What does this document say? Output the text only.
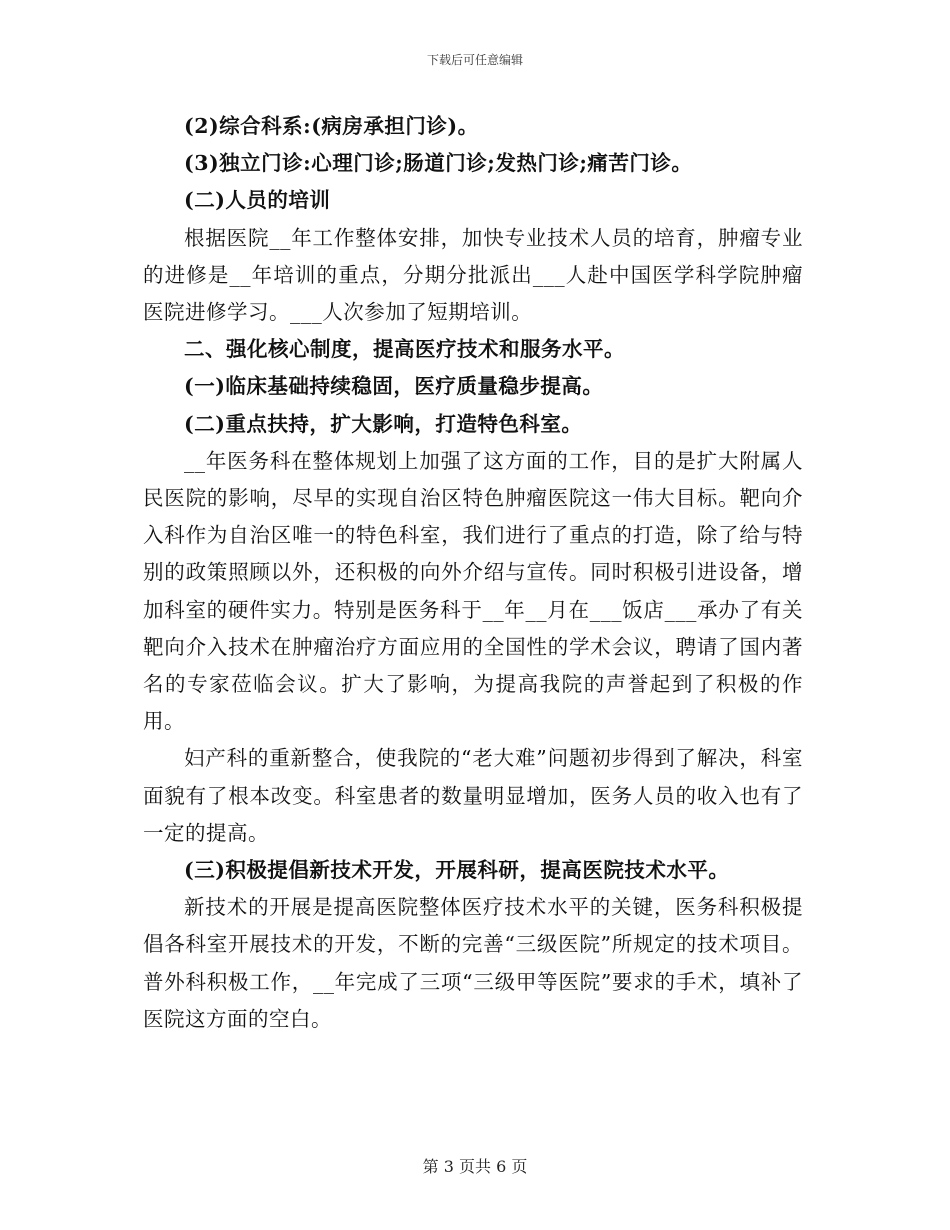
下载后可任意编辑

(2)综合科系:(病房承担门诊)。

(3)独立门诊:心理门诊;肠道门诊;发热门诊;痛苦门诊。

(二)人员的培训

根据医院__年工作整体安排，加快专业技术人员的培育，肿瘤专业的进修是__年培训的重点，分期分批派出___人赴中国医学科学院肿瘤医院进修学习。___人次参加了短期培训。

二、强化核心制度，提高医疗技术和服务水平。

(一)临床基础持续稳固，医疗质量稳步提高。

(二)重点扶持，扩大影响，打造特色科室。

__年医务科在整体规划上加强了这方面的工作，目的是扩大附属人民医院的影响，尽早的实现自治区特色肿瘤医院这一伟大目标。靶向介入科作为自治区唯一的特色科室，我们进行了重点的打造，除了给与特别的政策照顾以外，还积极的向外介绍与宣传。同时积极引进设备，增加科室的硬件实力。特别是医务科于__年__月在___饭店___承办了有关靶向介入技术在肿瘤治疗方面应用的全国性的学术会议，聘请了国内著名的专家莅临会议。扩大了影响，为提高我院的声誉起到了积极的作用。

妇产科的重新整合，使我院的“老大难”问题初步得到了解决，科室面貌有了根本改变。科室患者的数量明显增加，医务人员的收入也有了一定的提高。

(三)积极提倡新技术开发，开展科研，提高医院技术水平。

新技术的开展是提高医院整体医疗技术水平的关键，医务科积极提倡各科室开展技术的开发，不断的完善“三级医院”所规定的技术项目。普外科积极工作，__年完成了三项“三级甲等医院”要求的手术，填补了医院这方面的空白。

第 3 页共 6 页
